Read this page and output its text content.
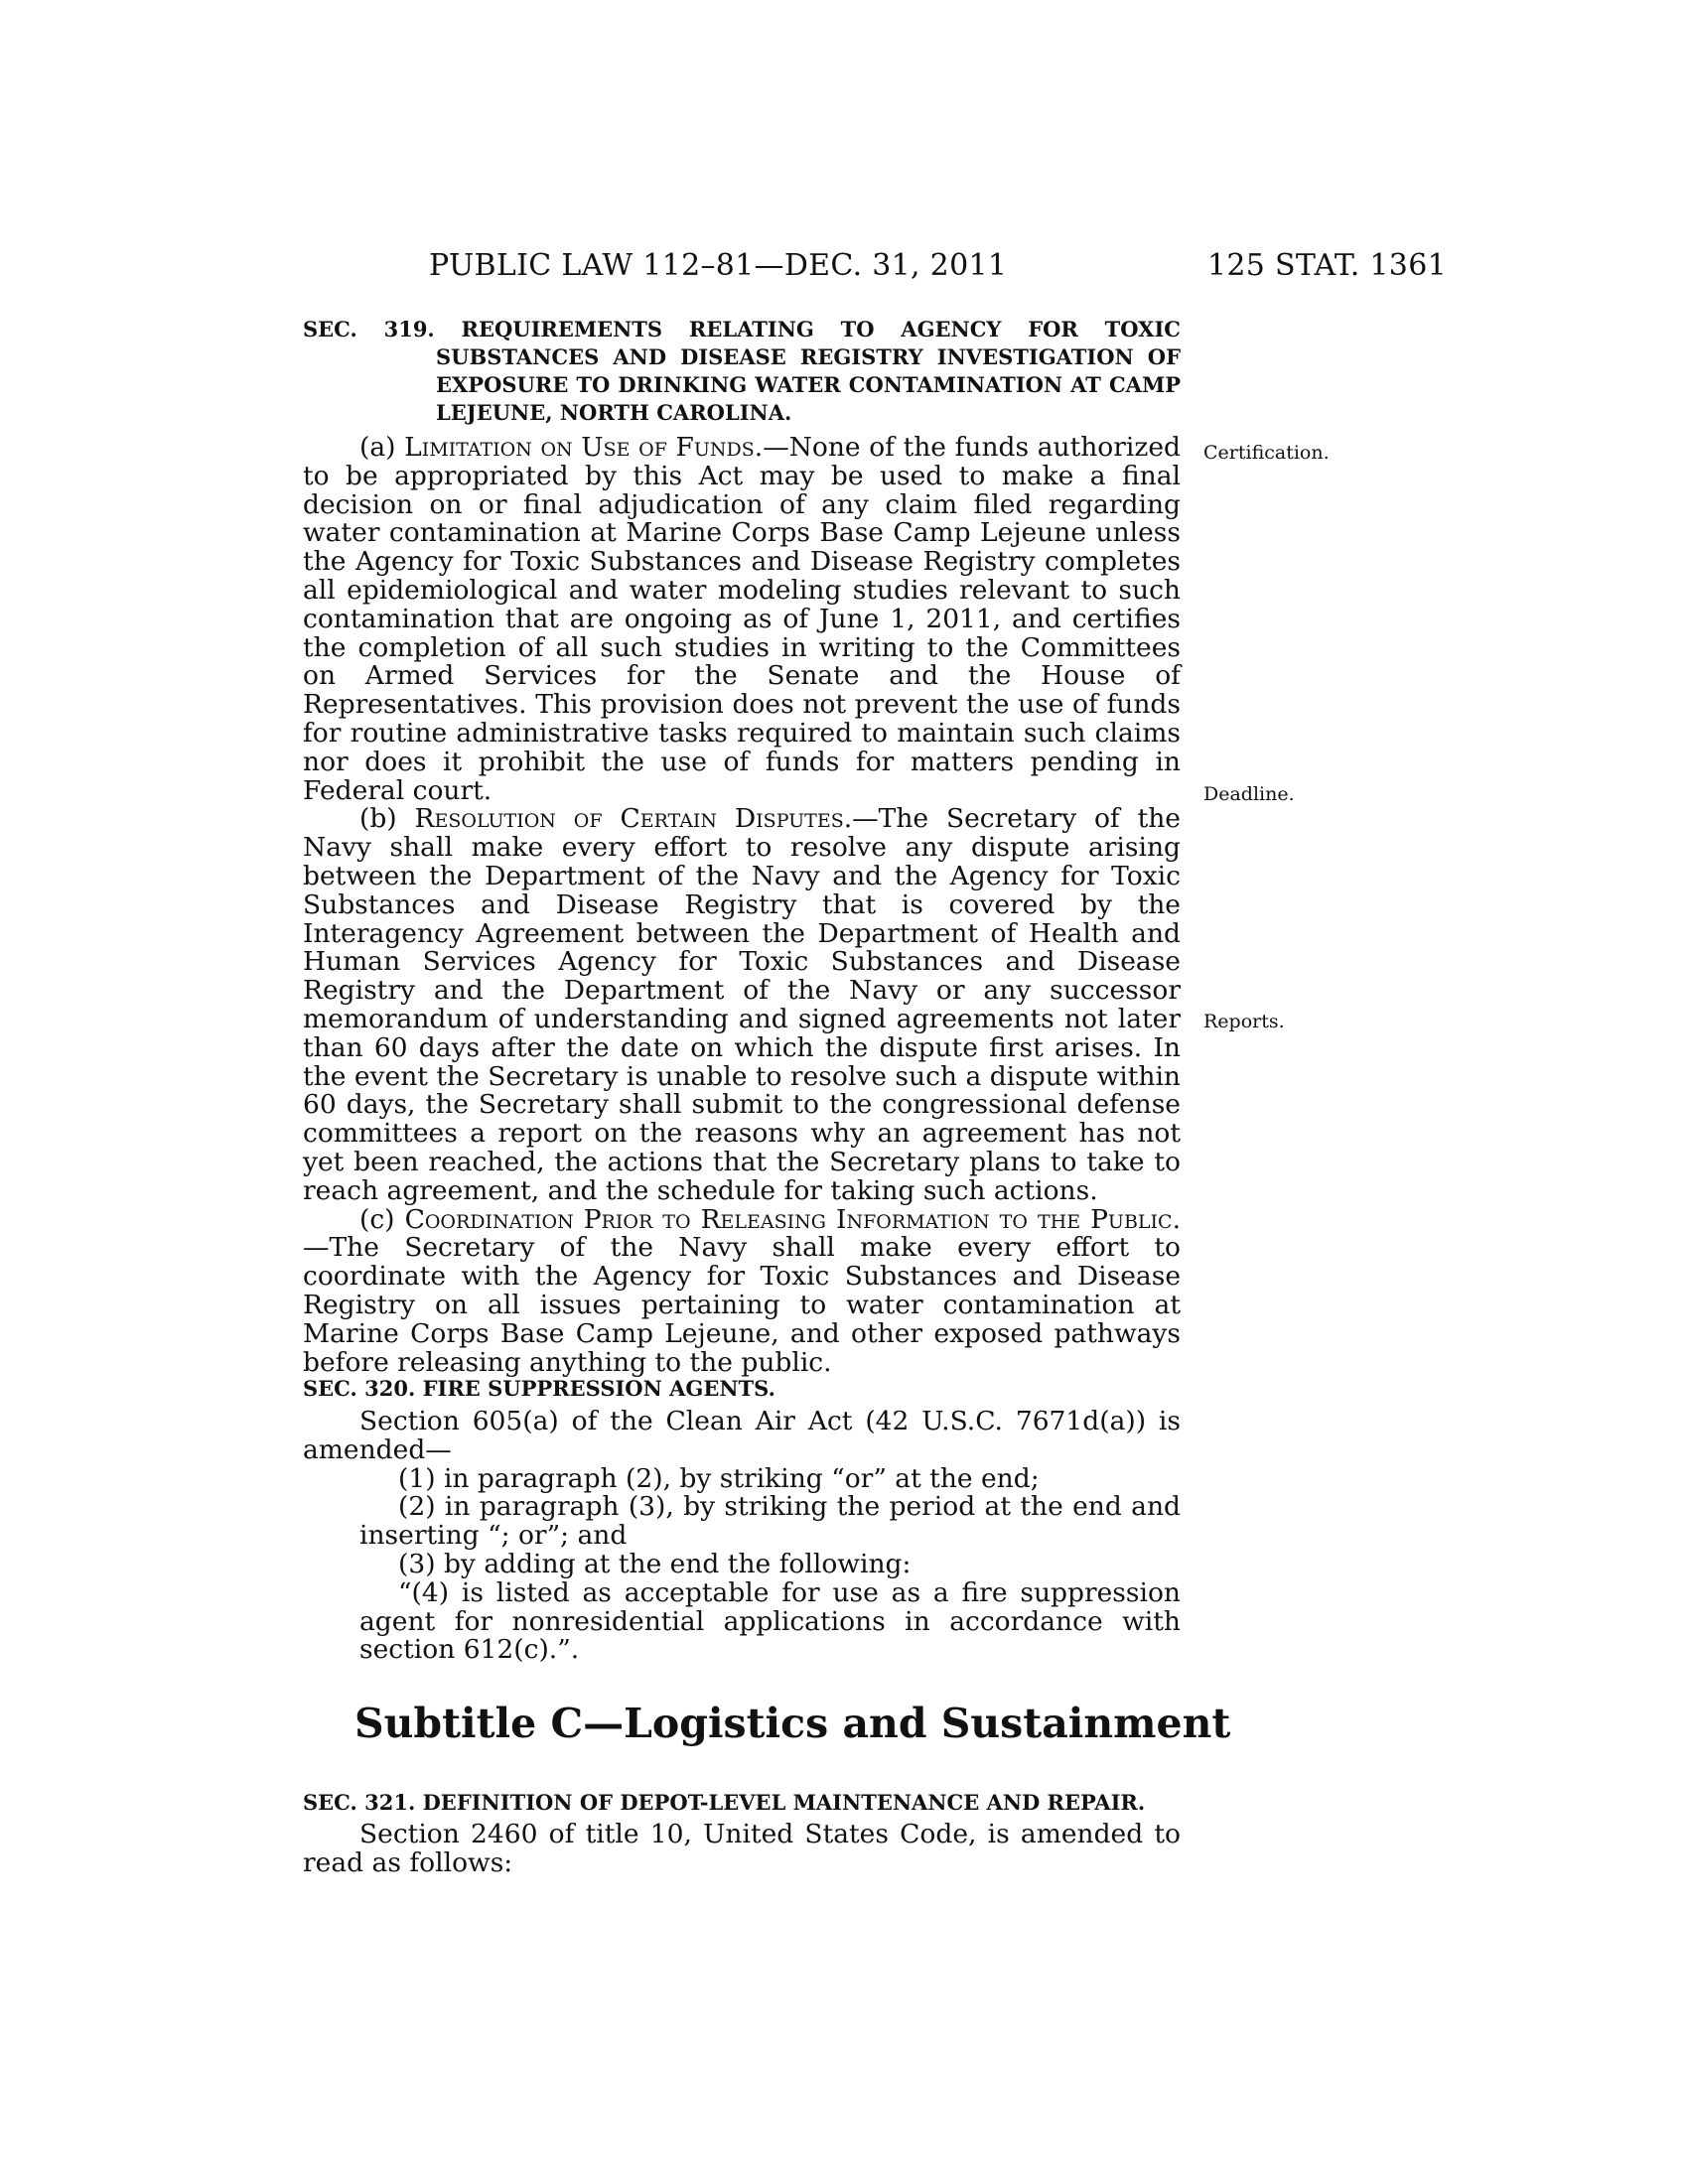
PUBLIC LAW 112–81—DEC. 31, 2011	125 STAT. 1361
SEC. 319. REQUIREMENTS RELATING TO AGENCY FOR TOXIC SUBSTANCES AND DISEASE REGISTRY INVESTIGATION OF EXPOSURE TO DRINKING WATER CONTAMINATION AT CAMP LEJEUNE, NORTH CAROLINA.

(a) Limitation on Use of Funds.—None of the funds authorized to be appropriated by this Act may be used to make a final decision on or final adjudication of any claim filed regarding water contamination at Marine Corps Base Camp Lejeune unless the Agency for Toxic Substances and Disease Registry completes all epidemiological and water modeling studies relevant to such contamination that are ongoing as of June 1, 2011, and certifies the completion of all such studies in writing to the Committees on Armed Services for the Senate and the House of Representatives. This provision does not prevent the use of funds for routine administrative tasks required to maintain such claims nor does it prohibit the use of funds for matters pending in Federal court.

(b) Resolution of Certain Disputes.—The Secretary of the Navy shall make every effort to resolve any dispute arising between the Department of the Navy and the Agency for Toxic Substances and Disease Registry that is covered by the Interagency Agreement between the Department of Health and Human Services Agency for Toxic Substances and Disease Registry and the Department of the Navy or any successor memorandum of understanding and signed agreements not later than 60 days after the date on which the dispute first arises. In the event the Secretary is unable to resolve such a dispute within 60 days, the Secretary shall submit to the congressional defense committees a report on the reasons why an agreement has not yet been reached, the actions that the Secretary plans to take to reach agreement, and the schedule for taking such actions.

(c) Coordination Prior to Releasing Information to the Public.—The Secretary of the Navy shall make every effort to coordinate with the Agency for Toxic Substances and Disease Registry on all issues pertaining to water contamination at Marine Corps Base Camp Lejeune, and other exposed pathways before releasing anything to the public.

Certification.
Deadline.
Reports.
SEC. 320. FIRE SUPPRESSION AGENTS.

Section 605(a) of the Clean Air Act (42 U.S.C. 7671d(a)) is amended—

(1) in paragraph (2), by striking “or” at the end;

(2) in paragraph (3), by striking the period at the end and inserting “; or”; and

(3) by adding at the end the following:

“(4) is listed as acceptable for use as a fire suppression agent for nonresidential applications in accordance with section 612(c).”.

Subtitle C—Logistics and Sustainment
SEC. 321. DEFINITION OF DEPOT-LEVEL MAINTENANCE AND REPAIR.

Section 2460 of title 10, United States Code, is amended to read as follows:
